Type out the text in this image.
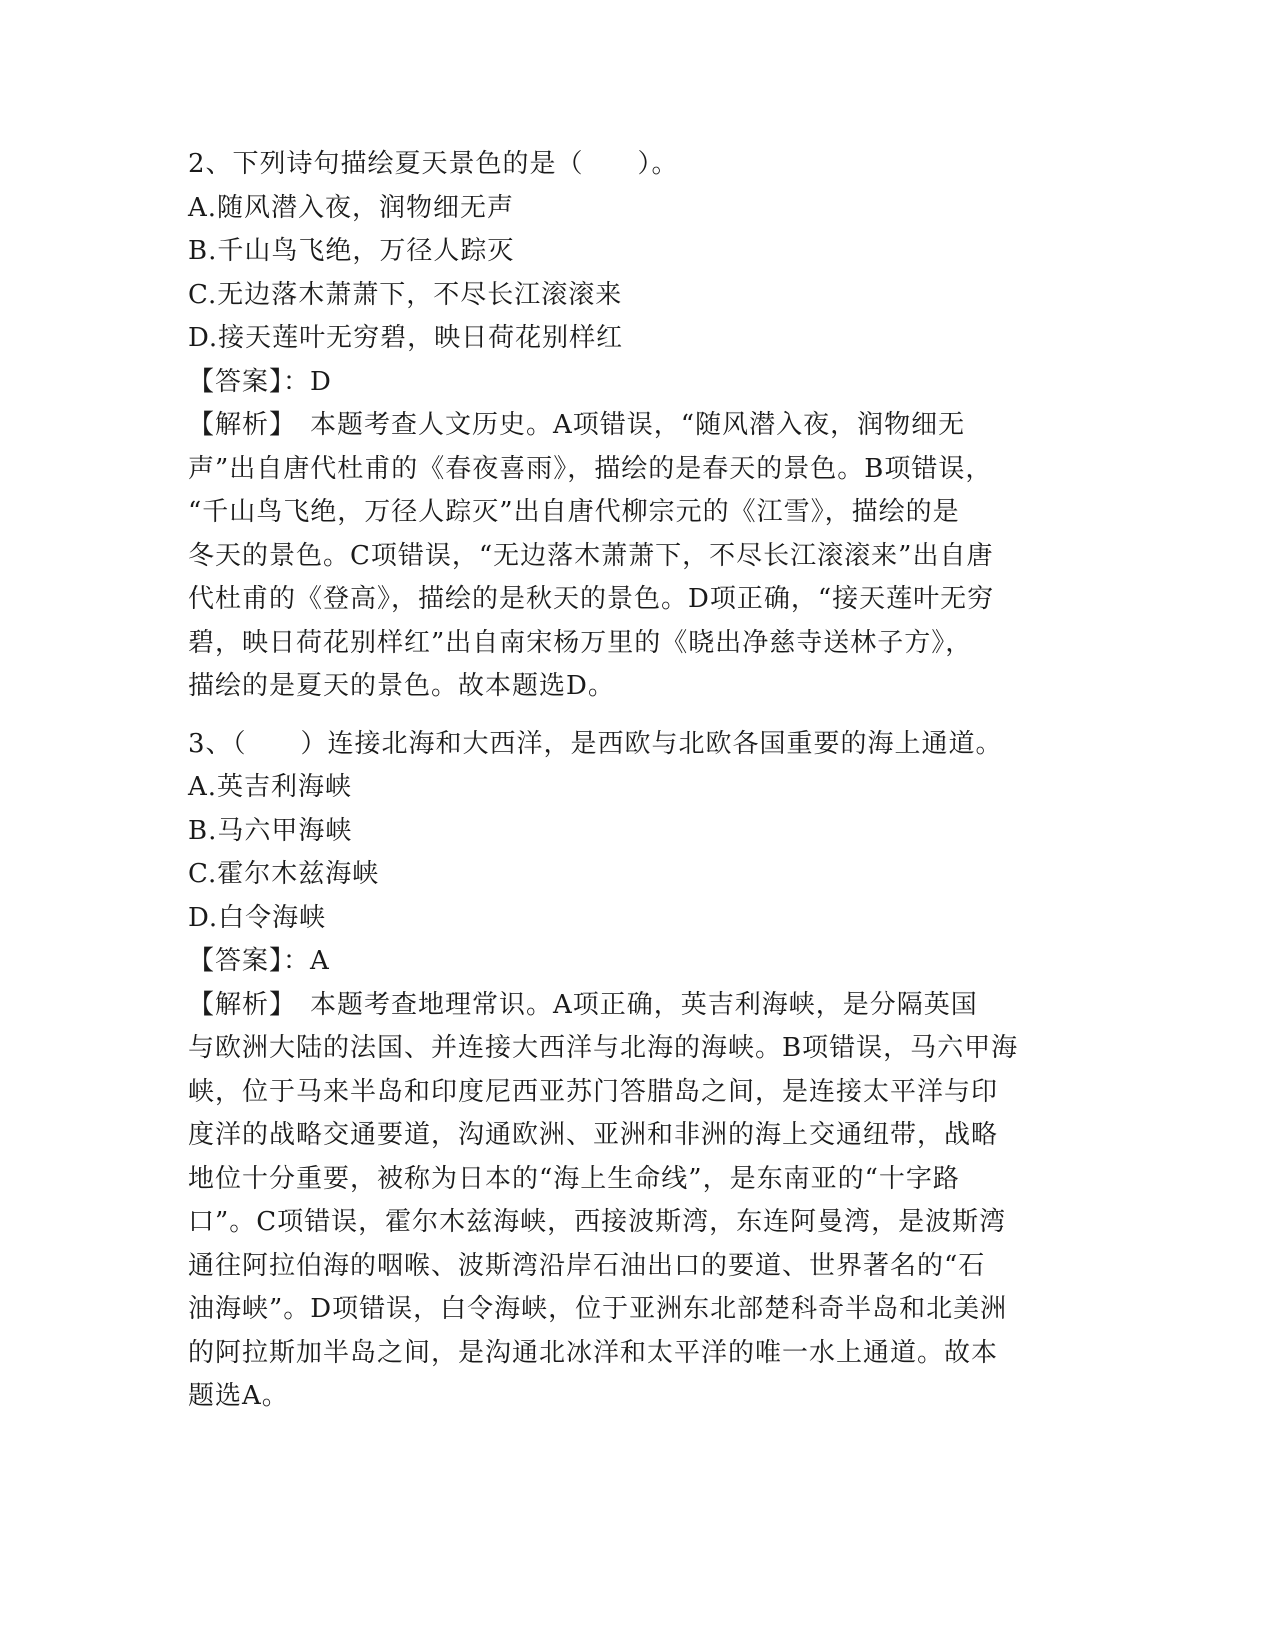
2、下列诗句描绘夏天景色的是（　　）。
A.随风潜入夜，润物细无声
B.千山鸟飞绝，万径人踪灭
C.无边落木萧萧下，不尽长江滚滚来
D.接天莲叶无穷碧，映日荷花别样红
【答案】：D
【解析】　本题考查人文历史。A项错误，“随风潜入夜，润物细无
声”出自唐代杜甫的《春夜喜雨》，描绘的是春天的景色。B项错误，
“千山鸟飞绝，万径人踪灭”出自唐代柳宗元的《江雪》，描绘的是
冬天的景色。C项错误，“无边落木萧萧下，不尽长江滚滚来”出自唐
代杜甫的《登高》，描绘的是秋天的景色。D项正确，“接天莲叶无穷
碧，映日荷花别样红”出自南宋杨万里的《晓出净慈寺送林子方》，
描绘的是夏天的景色。故本题选D。
3、（　　）连接北海和大西洋，是西欧与北欧各国重要的海上通道。
A.英吉利海峡
B.马六甲海峡
C.霍尔木兹海峡
D.白令海峡
【答案】：A
【解析】　本题考查地理常识。A项正确，英吉利海峡，是分隔英国
与欧洲大陆的法国、并连接大西洋与北海的海峡。B项错误，马六甲海
峡，位于马来半岛和印度尼西亚苏门答腊岛之间，是连接太平洋与印
度洋的战略交通要道，沟通欧洲、亚洲和非洲的海上交通纽带，战略
地位十分重要，被称为日本的“海上生命线”，是东南亚的“十字路
口”。C项错误，霍尔木兹海峡，西接波斯湾，东连阿曼湾，是波斯湾
通往阿拉伯海的咽喉、波斯湾沿岸石油出口的要道、世界著名的“石
油海峡”。D项错误，白令海峡，位于亚洲东北部楚科奇半岛和北美洲
的阿拉斯加半岛之间，是沟通北冰洋和太平洋的唯一水上通道。故本
题选A。
